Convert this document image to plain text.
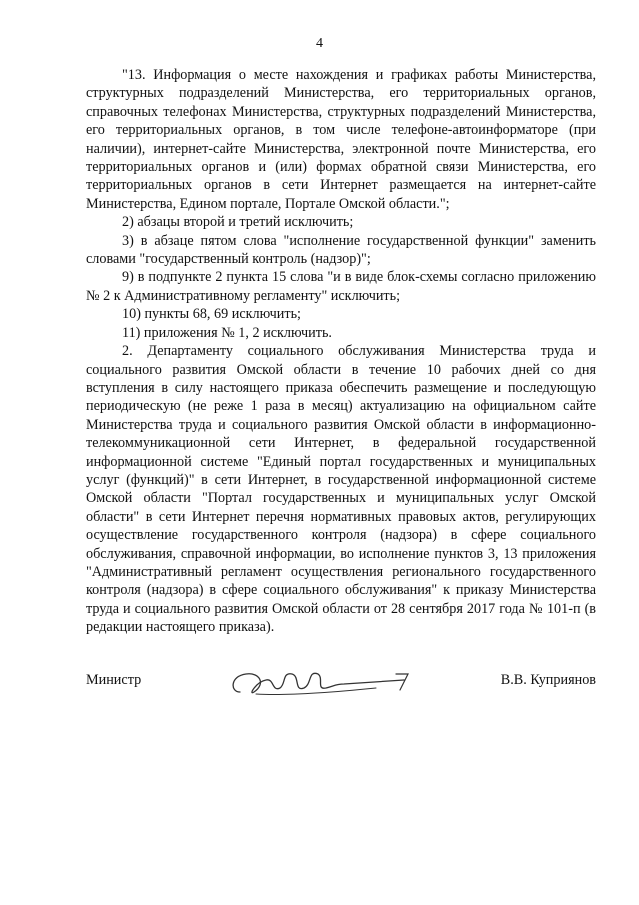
4

"13. Информация о месте нахождения и графиках работы Министерства, структурных подразделений Министерства, его территориальных органов, справочных телефонах Министерства, структурных подразделений Министерства, его территориальных органов, в том числе телефоне-автоинформаторе (при наличии), интернет-сайте Министерства, электронной почте Министерства, его территориальных органов и (или) формах обратной связи Министерства, его территориальных органов в сети Интернет размещается на интернет-сайте Министерства, Едином портале, Портале Омской области.";

2) абзацы второй и третий исключить;

3) в абзаце пятом слова "исполнение государственной функции" заменить словами "государственный контроль (надзор)";

9) в подпункте 2 пункта 15 слова "и в виде блок-схемы согласно приложению № 2 к Административному регламенту" исключить;

10) пункты 68, 69 исключить;

11) приложения № 1, 2 исключить.

2. Департаменту социального обслуживания Министерства труда и социального развития Омской области в течение 10 рабочих дней со дня вступления в силу настоящего приказа обеспечить размещение и последующую периодическую (не реже 1 раза в месяц) актуализацию на официальном сайте Министерства труда и социального развития Омской области в информационно-телекоммуникационной сети Интернет, в федеральной государственной информационной системе "Единый портал государственных и муниципальных услуг (функций)" в сети Интернет, в государственной информационной системе Омской области "Портал государственных и муниципальных услуг Омской области" в сети Интернет перечня нормативных правовых актов, регулирующих осуществление государственного контроля (надзора) в сфере социального обслуживания, справочной информации, во исполнение пунктов 3, 13 приложения "Административный регламент осуществления регионального государственного контроля (надзора) в сфере социального обслуживания" к приказу Министерства труда и социального развития Омской области от 28 сентября 2017 года № 101-п (в редакции настоящего приказа).

Министр	В.В. Куприянов
